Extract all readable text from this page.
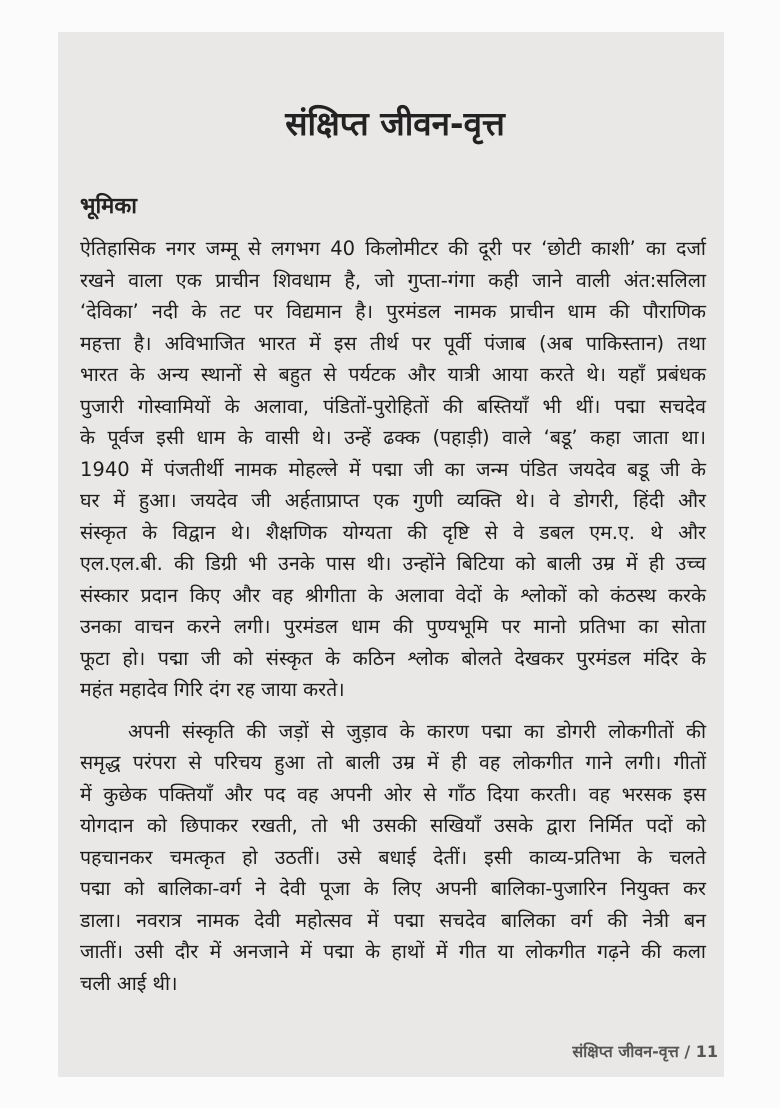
संक्षिप्त जीवन-वृत्त
भूमिका
ऐतिहासिक नगर जम्मू से लगभग 40 किलोमीटर की दूरी पर ‘छोटी काशी’ का दर्जा
रखने वाला एक प्राचीन शिवधाम है, जो गुप्ता-गंगा कही जाने वाली अंत:सलिला
‘देविका’ नदी के तट पर विद्यमान है। पुरमंडल नामक प्राचीन धाम की पौराणिक
महत्ता है। अविभाजित भारत में इस तीर्थ पर पूर्वी पंजाब (अब पाकिस्तान) तथा
भारत के अन्य स्थानों से बहुत से पर्यटक और यात्री आया करते थे। यहाँ प्रबंधक
पुजारी गोस्वामियों के अलावा, पंडितों-पुरोहितों की बस्तियाँ भी थीं। पद्मा सचदेव
के पूर्वज इसी धाम के वासी थे। उन्हें ढक्क (पहाड़ी) वाले ‘बडू’ कहा जाता था।
1940 में पंजतीर्थी नामक मोहल्ले में पद्मा जी का जन्म पंडित जयदेव बडू जी के
घर में हुआ। जयदेव जी अर्हताप्राप्त एक गुणी व्यक्ति थे। वे डोगरी, हिंदी और
संस्कृत के विद्वान थे। शैक्षणिक योग्यता की दृष्टि से वे डबल एम.ए. थे और
एल.एल.बी. की डिग्री भी उनके पास थी। उन्होंने बिटिया को बाली उम्र में ही उच्च
संस्कार प्रदान किए और वह श्रीगीता के अलावा वेदों के श्लोकों को कंठस्थ करके
उनका वाचन करने लगी। पुरमंडल धाम की पुण्यभूमि पर मानो प्रतिभा का सोता
फूटा हो। पद्मा जी को संस्कृत के कठिन श्लोक बोलते देखकर पुरमंडल मंदिर के
महंत महादेव गिरि दंग रह जाया करते।
अपनी संस्कृति की जड़ों से जुड़ाव के कारण पद्मा का डोगरी लोकगीतों की
समृद्ध परंपरा से परिचय हुआ तो बाली उम्र में ही वह लोकगीत गाने लगी। गीतों
में कुछेक पक्तियाँ और पद वह अपनी ओर से गाँठ दिया करती। वह भरसक इस
योगदान को छिपाकर रखती, तो भी उसकी सखियाँ उसके द्वारा निर्मित पदों को
पहचानकर चमत्कृत हो उठतीं। उसे बधाई देतीं। इसी काव्य-प्रतिभा के चलते
पद्मा को बालिका-वर्ग ने देवी पूजा के लिए अपनी बालिका-पुजारिन नियुक्त कर
डाला। नवरात्र नामक देवी महोत्सव में पद्मा सचदेव बालिका वर्ग की नेत्री बन
जातीं। उसी दौर में अनजाने में पद्मा के हाथों में गीत या लोकगीत गढ़ने की कला
चली आई थी।
संक्षिप्त जीवन-वृत्त / 11
